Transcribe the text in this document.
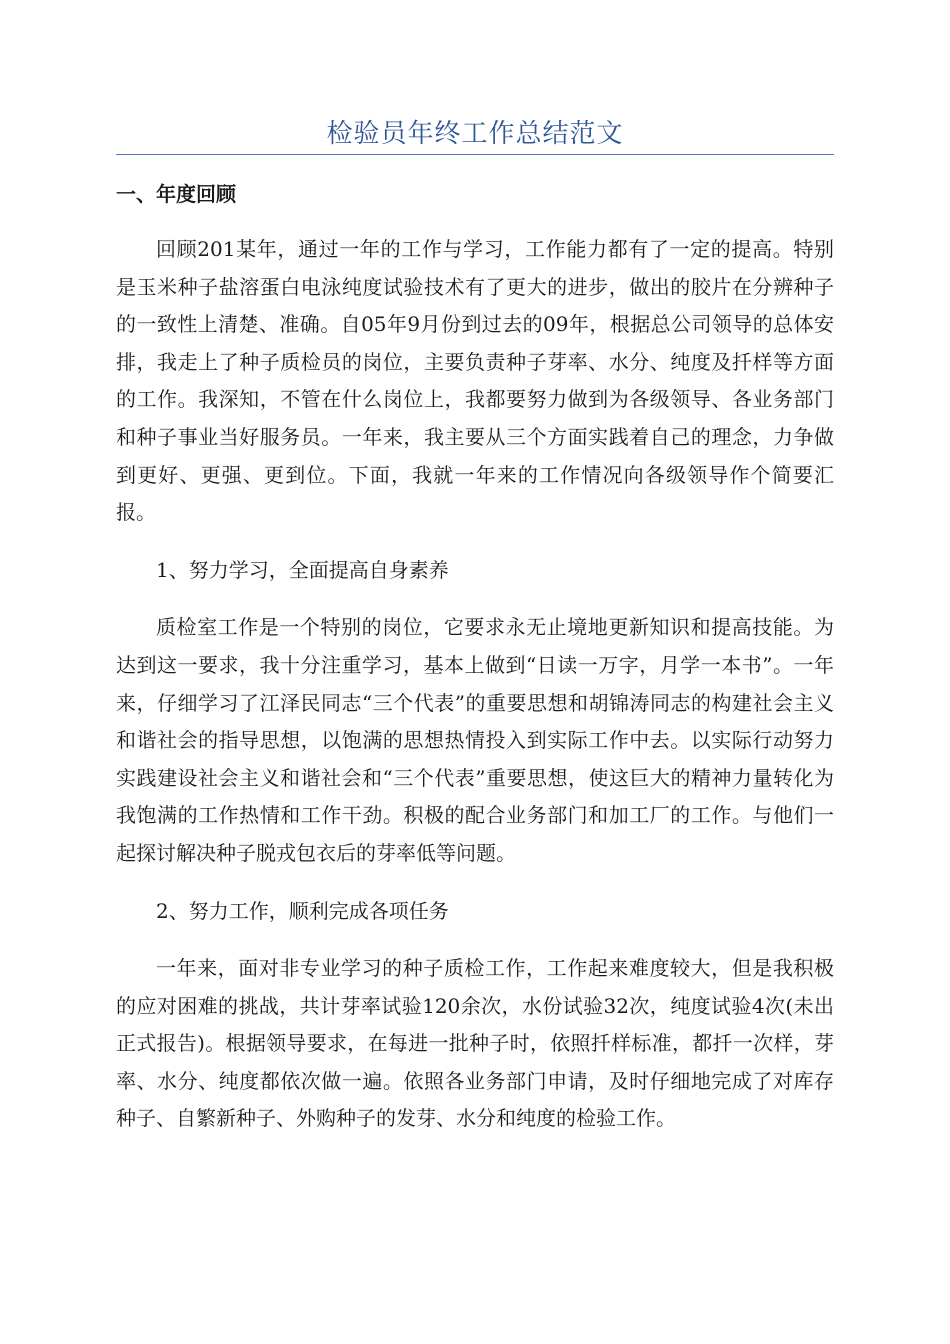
检验员年终工作总结范文

一、年度回顾

回顾201某年，通过一年的工作与学习，工作能力都有了一定的提高。特别是玉米种子盐溶蛋白电泳纯度试验技术有了更大的进步，做出的胶片在分辨种子的一致性上清楚、准确。自05年9月份到过去的09年，根据总公司领导的总体安排，我走上了种子质检员的岗位，主要负责种子芽率、水分、纯度及扦样等方面的工作。我深知，不管在什么岗位上，我都要努力做到为各级领导、各业务部门和种子事业当好服务员。一年来，我主要从三个方面实践着自己的理念，力争做到更好、更强、更到位。下面，我就一年来的工作情况向各级领导作个简要汇报。

1、努力学习，全面提高自身素养

质检室工作是一个特别的岗位，它要求永无止境地更新知识和提高技能。为达到这一要求，我十分注重学习，基本上做到“日读一万字，月学一本书”。一年来，仔细学习了江泽民同志“三个代表”的重要思想和胡锦涛同志的构建社会主义和谐社会的指导思想，以饱满的思想热情投入到实际工作中去。以实际行动努力实践建设社会主义和谐社会和“三个代表”重要思想，使这巨大的精神力量转化为我饱满的工作热情和工作干劲。积极的配合业务部门和加工厂的工作。与他们一起探讨解决种子脱戎包衣后的芽率低等问题。

2、努力工作，顺利完成各项任务

一年来，面对非专业学习的种子质检工作，工作起来难度较大，但是我积极的应对困难的挑战，共计芽率试验120余次，水份试验32次，纯度试验4次(未出正式报告)。根据领导要求，在每进一批种子时，依照扦样标准，都扦一次样，芽率、水分、纯度都依次做一遍。依照各业务部门申请，及时仔细地完成了对库存种子、自繁新种子、外购种子的发芽、水分和纯度的检验工作。
